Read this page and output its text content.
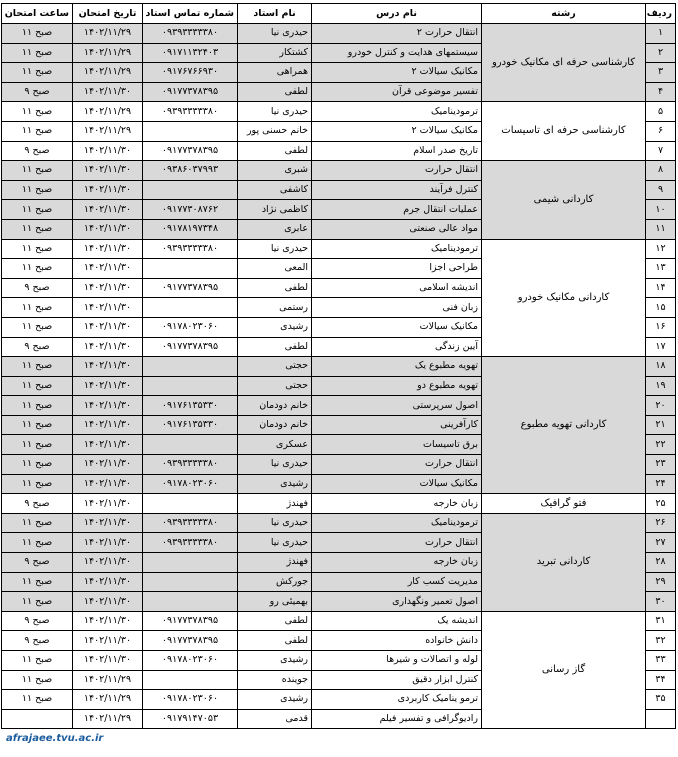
ردیف	رشته	نام درس	نام استاد	شماره تماس استاد	تاریخ امتحان	ساعت امتحان
۱	کارشناسی حرفه ای مکانیک خودرو	انتقال حرارت ۲	حیدری نیا	۰۹۳۹۳۳۳۳۳۸۰	۱۴۰۲/۱۱/۲۹	صبح ۱۱
۲		سیستمهای هدایت و کنترل خودرو	کشتکار	۰۹۱۷۱۱۳۲۴۰۳	۱۴۰۲/۱۱/۲۹	صبح ۱۱
۳		مکانیک سیالات ۲	همراهی	۰۹۱۷۶۷۶۶۹۳۰	۱۴۰۲/۱۱/۲۹	صبح ۱۱
۴		تفسیر موضوعی قرآن	لطفی	۰۹۱۷۷۳۷۸۳۹۵	۱۴۰۲/۱۱/۳۰	صبح ۹
۵	کارشناسی حرفه ای تاسیسات	ترمودینامیک	حیدری نیا	۰۹۳۹۳۳۳۳۳۸۰	۱۴۰۲/۱۱/۲۹	صبح ۱۱
۶		مکانیک سیالات ۲	خانم حسنی پور		۱۴۰۲/۱۱/۲۹	صبح ۱۱
۷		تاریخ صدر اسلام	لطفی	۰۹۱۷۷۳۷۸۳۹۵	۱۴۰۲/۱۱/۳۰	صبح ۹
۸	کاردانی شیمی	انتقال حرارت	شبری	۰۹۳۸۶۰۳۷۹۹۳	۱۴۰۲/۱۱/۳۰	صبح ۱۱
۹		کنترل فرآیند	کاشفی		۱۴۰۲/۱۱/۳۰	صبح ۱۱
۱۰		عملیات انتقال جرم	کاظمی نژاد	۰۹۱۷۷۳۰۸۷۶۲	۱۴۰۲/۱۱/۳۰	صبح ۱۱
۱۱		مواد عالی صنعتی	عابری	۰۹۱۷۸۱۹۷۳۴۸	۱۴۰۲/۱۱/۳۰	صبح ۱۱
۱۲	کاردانی مکانیک خودرو	ترمودینامیک	حیدری نیا	۰۹۳۹۳۳۳۳۳۸۰	۱۴۰۲/۱۱/۳۰	صبح ۱۱
۱۳		طراحی اجزا	المعی		۱۴۰۲/۱۱/۳۰	صبح ۱۱
۱۴		اندیشه اسلامی	لطفی	۰۹۱۷۷۳۷۸۳۹۵	۱۴۰۲/۱۱/۳۰	صبح ۹
۱۵		زبان فنی	رستمی		۱۴۰۲/۱۱/۳۰	صبح ۱۱
۱۶		مکانیک سیالات	رشیدی	۰۹۱۷۸۰۲۳۰۶۰	۱۴۰۲/۱۱/۳۰	صبح ۱۱
۱۷		آیین زندگی	لطفی	۰۹۱۷۷۳۷۸۳۹۵	۱۴۰۲/۱۱/۳۰	صبح ۹
۱۸	کاردانی تهویه مطبوع	تهویه مطبوع یک	حجتی		۱۴۰۲/۱۱/۳۰	صبح ۱۱
۱۹		تهویه مطبوع دو	حجتی		۱۴۰۲/۱۱/۳۰	صبح ۱۱
۲۰		اصول سرپرستی	خانم دودمان	۰۹۱۷۶۱۳۵۳۳۰	۱۴۰۲/۱۱/۳۰	صبح ۱۱
۲۱		کارآفرینی	خانم دودمان	۰۹۱۷۶۱۳۵۳۳۰	۱۴۰۲/۱۱/۳۰	صبح ۱۱
۲۲		برق تاسیسات	عسکری		۱۴۰۲/۱۱/۳۰	صبح ۱۱
۲۳		انتقال حرارت	حیدری نیا	۰۹۳۹۳۳۳۳۳۸۰	۱۴۰۲/۱۱/۳۰	صبح ۱۱
۲۴		مکانیک سیالات	رشیدی	۰۹۱۷۸۰۲۳۰۶۰	۱۴۰۲/۱۱/۳۰	صبح ۱۱
۲۵	فتو گرافیک	زبان خارجه	فهندژ		۱۴۰۲/۱۱/۳۰	صبح ۹
۲۶	کاردانی تبرید	ترمودینامیک	حیدری نیا	۰۹۳۹۳۳۳۳۳۸۰	۱۴۰۲/۱۱/۳۰	صبح ۱۱
۲۷		انتقال حرارت	حیدری نیا	۰۹۳۹۳۳۳۳۳۸۰	۱۴۰۲/۱۱/۳۰	صبح ۱۱
۲۸		زبان خارجه	فهندژ		۱۴۰۲/۱۱/۳۰	صبح ۹
۲۹		مدیریت کسب کار	جورکش		۱۴۰۲/۱۱/۳۰	صبح ۱۱
۳۰		اصول تعمیر ونگهداری	بهمیئی رو		۱۴۰۲/۱۱/۳۰	صبح ۱۱
۳۱	گاز رسانی	اندیشه یک	لطفی	۰۹۱۷۷۳۷۸۳۹۵	۱۴۰۲/۱۱/۳۰	صبح ۹
۳۲		دانش خانواده	لطفی	۰۹۱۷۷۳۷۸۳۹۵	۱۴۰۲/۱۱/۳۰	صبح ۹
۳۳		لوله و اتصالات و شیرها	رشیدی	۰۹۱۷۸۰۲۳۰۶۰	۱۴۰۲/۱۱/۳۰	صبح ۱۱
۳۴		کنترل ابزار دقیق	جوینده		۱۴۰۲/۱۱/۲۹	صبح ۱۱
۳۵		ترمو ینامیک کاربردی	رشیدی	۰۹۱۷۸۰۲۳۰۶۰	۱۴۰۲/۱۱/۲۹	صبح ۱۱
		رادیوگرافی و تفسیر فیلم	قدمی	۰۹۱۷۹۱۴۷۰۵۳	۱۴۰۲/۱۱/۲۹	
afrajaee.tvu.ac.ir
